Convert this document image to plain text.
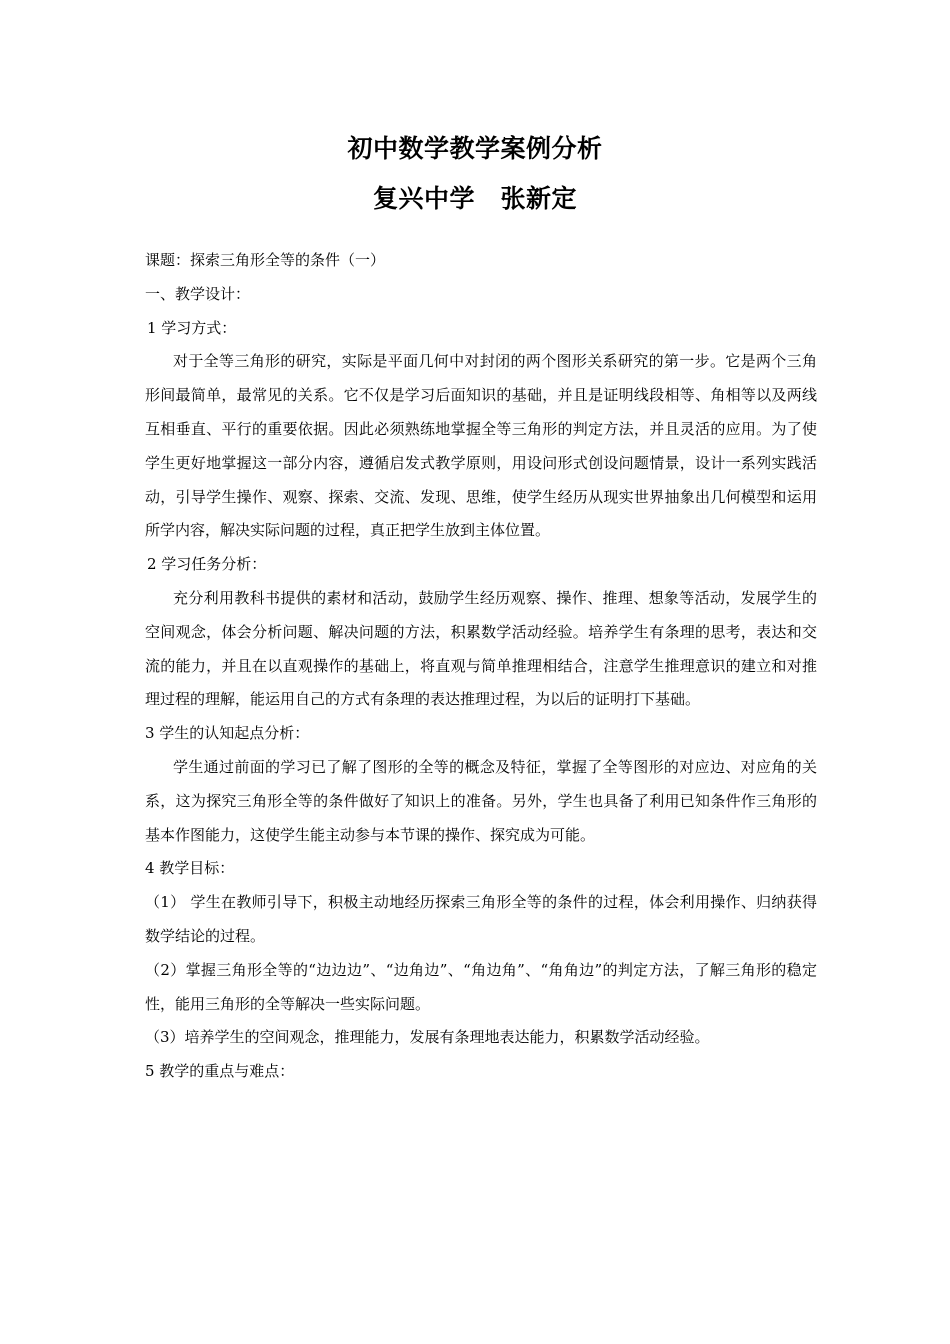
初中数学教学案例分析
复兴中学　张新定

课题：探索三角形全等的条件（一）

一、教学设计：

1 学习方式：

对于全等三角形的研究，实际是平面几何中对封闭的两个图形关系研究的第一步。它是两个三角形间最简单，最常见的关系。它不仅是学习后面知识的基础，并且是证明线段相等、角相等以及两线互相垂直、平行的重要依据。因此必须熟练地掌握全等三角形的判定方法，并且灵活的应用。为了使学生更好地掌握这一部分内容，遵循启发式教学原则，用设问形式创设问题情景，设计一系列实践活动，引导学生操作、观察、探索、交流、发现、思维，使学生经历从现实世界抽象出几何模型和运用所学内容，解决实际问题的过程，真正把学生放到主体位置。

2 学习任务分析：

充分利用教科书提供的素材和活动，鼓励学生经历观察、操作、推理、想象等活动，发展学生的空间观念，体会分析问题、解决问题的方法，积累数学活动经验。培养学生有条理的思考，表达和交流的能力，并且在以直观操作的基础上，将直观与简单推理相结合，注意学生推理意识的建立和对推理过程的理解，能运用自己的方式有条理的表达推理过程，为以后的证明打下基础。

3 学生的认知起点分析：

学生通过前面的学习已了解了图形的全等的概念及特征，掌握了全等图形的对应边、对应角的关系，这为探究三角形全等的条件做好了知识上的准备。另外，学生也具备了利用已知条件作三角形的基本作图能力，这使学生能主动参与本节课的操作、探究成为可能。

4 教学目标：

（1） 学生在教师引导下，积极主动地经历探索三角形全等的条件的过程，体会利用操作、归纳获得数学结论的过程。

（2）掌握三角形全等的“边边边”、“边角边”、“角边角”、“角角边”的判定方法，了解三角形的稳定性，能用三角形的全等解决一些实际问题。

（3）培养学生的空间观念，推理能力，发展有条理地表达能力，积累数学活动经验。

5 教学的重点与难点：
